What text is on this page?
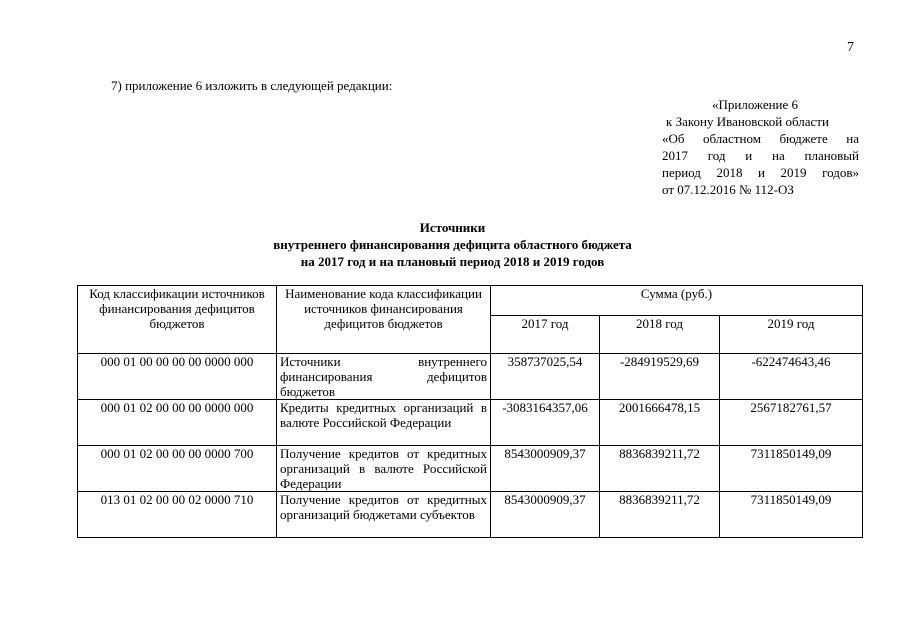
7
7) приложение 6 изложить в следующей редакции:
«Приложение 6
к Закону Ивановской области
«Об областном бюджете на
2017 год и на плановый
период 2018 и 2019 годов»
от 07.12.2016 № 112-ОЗ
Источники
внутреннего финансирования дефицита областного бюджета
на 2017 год и на плановый период 2018 и 2019 годов
Код классификации источников финансирования дефицитов бюджетов	Наименование кода классификации источников финансирования дефицитов бюджетов	Сумма (руб.)		
		2017 год	2018 год	2019 год
000 01 00 00 00 00 0000 000	Источники внутреннего финансирования дефицитов бюджетов	358737025,54	-284919529,69	-622474643,46
000 01 02 00 00 00 0000 000	Кредиты кредитных организаций в валюте Российской Федерации	-3083164357,06	2001666478,15	2567182761,57
000 01 02 00 00 00 0000 700	Получение кредитов от кредитных организаций в валюте Российской Федерации	8543000909,37	8836839211,72	7311850149,09
013 01 02 00 00 02 0000 710	Получение кредитов от кредитных организаций бюджетами субъектов	8543000909,37	8836839211,72	7311850149,09
